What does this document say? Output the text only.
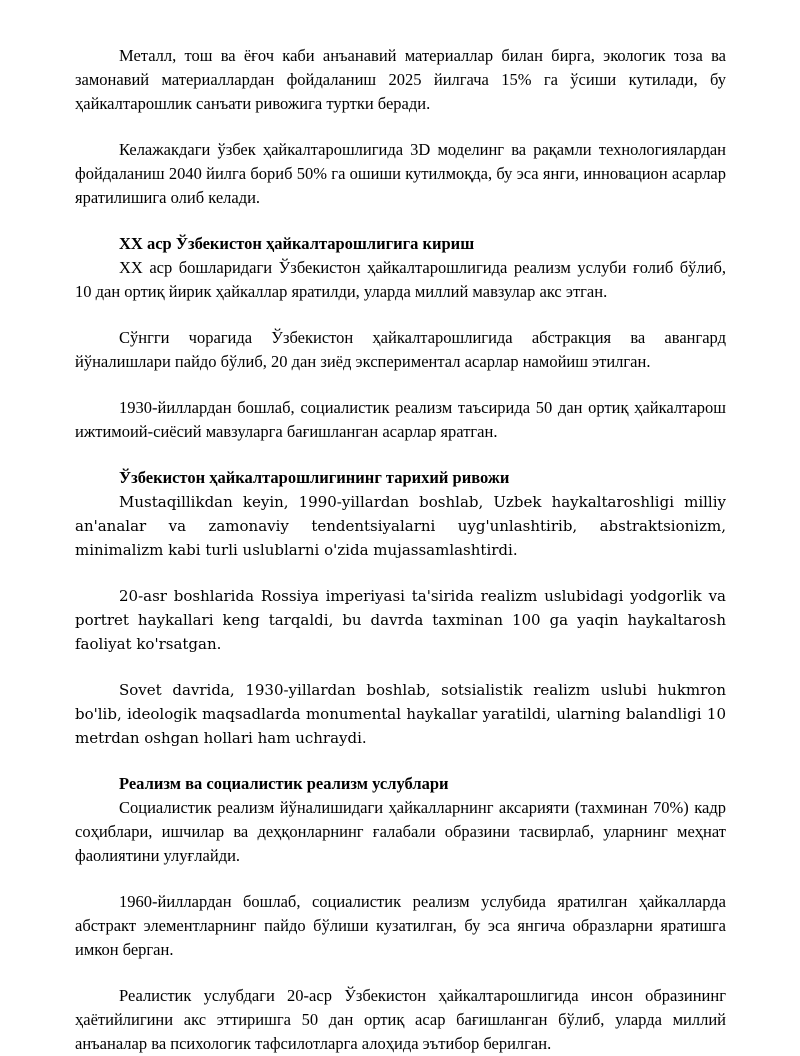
Металл, тош ва ёғоч каби анъанавий материаллар билан бирга, экологик тоза ва замонавий материаллардан фойдаланиш 2025 йилгача 15% га ўсиши кутилади, бу ҳайкалтарошлик санъати ривожига туртки беради.

Келажакдаги ўзбек ҳайкалтарошлигида 3D моделинг ва рақамли технологиялардан фойдаланиш 2040 йилга бориб 50% га ошиши кутилмоқда, бу эса янги, инновацион асарлар яратилишига олиб келади.

XX аср Ўзбекистон ҳайкалтарошлигига кириш

XX аср бошларидаги Ўзбекистон ҳайкалтарошлигида реализм услуби ғолиб бўлиб, 10 дан ортиқ йирик ҳайкаллар яратилди, уларда миллий мавзулар акс этган.

Сўнгги чорагида Ўзбекистон ҳайкалтарошлигида абстракция ва авангард йўналишлари пайдо бўлиб, 20 дан зиёд экспериментал асарлар намойиш этилган.

1930-йиллардан бошлаб, социалистик реализм таъсирида 50 дан ортиқ ҳайкалтарош ижтимоий-сиёсий мавзуларга бағишланган асарлар яратган.

Ўзбекистон ҳайкалтарошлигининг тарихий ривожи

Mustaqillikdan keyin, 1990-yillardan boshlab, Uzbek haykaltaroshligi milliy an'analar va zamonaviy tendentsiyalarni uyg'unlashtirib, abstraktsionizm, minimalizm kabi turli uslublarni o'zida mujassamlashtirdi.

20-asr boshlarida Rossiya imperiyasi ta'sirida realizm uslubidagi yodgorlik va portret haykallari keng tarqaldi, bu davrda taxminan 100 ga yaqin haykaltarosh faoliyat ko'rsatgan.

Sovet davrida, 1930-yillardan boshlab, sotsialistik realizm uslubi hukmron bo'lib, ideologik maqsadlarda monumental haykallar yaratildi, ularning balandligi 10 metrdan oshgan hollari ham uchraydi.

Реализм ва социалистик реализм услублари

Социалистик реализм йўналишидаги ҳайкалларнинг аксарияти (тахминан 70%) кадр соҳиблари, ишчилар ва деҳқонларнинг ғалабали образини тасвирлаб, уларнинг меҳнат фаолиятини улуғлайди.

1960-йиллардан бошлаб, социалистик реализм услубида яратилган ҳайкалларда абстракт элементларнинг пайдо бўлиши кузатилган, бу эса янгича образларни яратишга имкон берган.

Реалистик услубдаги 20-аср Ўзбекистон ҳайкалтарошлигида инсон образининг ҳаётийлигини акс эттиришга 50 дан ортиқ асар бағишланган бўлиб, уларда миллий анъаналар ва психологик тафсилотларга алоҳида эътибор берилган.
